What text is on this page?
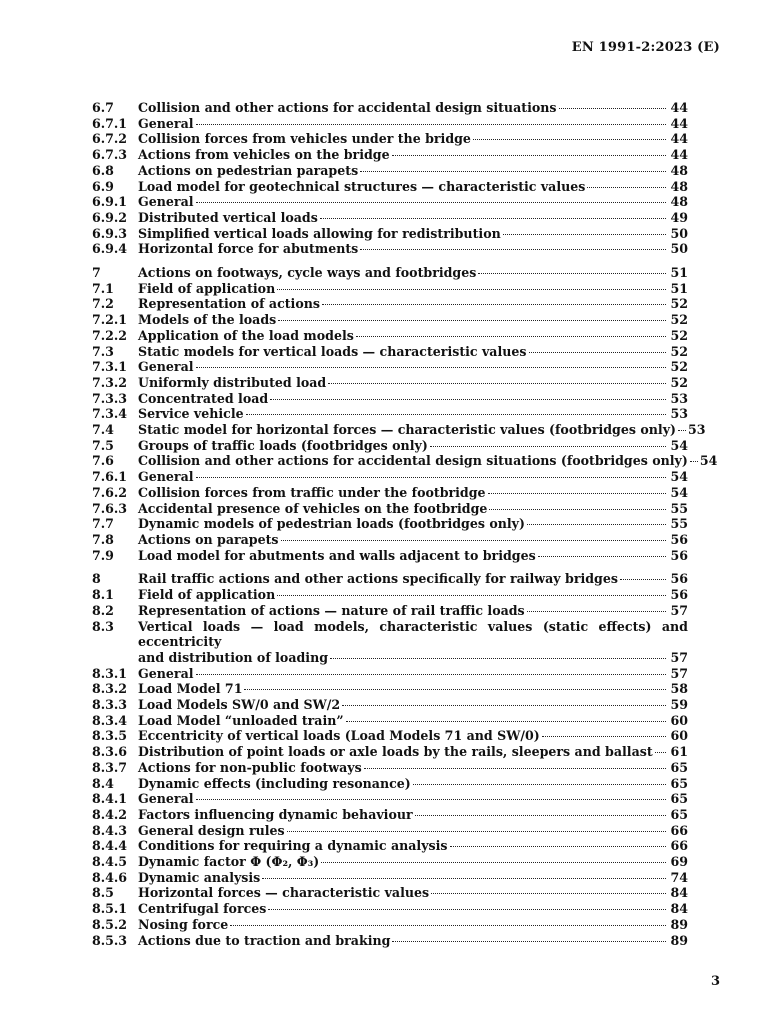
EN 1991-2:2023 (E)
6.7	Collision and other actions for accidental design situations	44
6.7.1 General	44
6.7.2 Collision forces from vehicles under the bridge	44
6.7.3 Actions from vehicles on the bridge	44
6.8	Actions on pedestrian parapets	48
6.9	Load model for geotechnical structures — characteristic values	48
6.9.1 General	48
6.9.2 Distributed vertical loads	49
6.9.3 Simplified vertical loads allowing for redistribution	50
6.9.4 Horizontal force for abutments	50
7	Actions on footways, cycle ways and footbridges	51
7.1	Field of application	51
7.2	Representation of actions	52
7.2.1 Models of the loads	52
7.2.2 Application of the load models	52
7.3	Static models for vertical loads — characteristic values	52
7.3.1 General	52
7.3.2 Uniformly distributed load	52
7.3.3 Concentrated load	53
7.3.4 Service vehicle	53
7.4	Static model for horizontal forces — characteristic values (footbridges only) 53
7.5	Groups of traffic loads (footbridges only)	54
7.6	Collision and other actions for accidental design situations (footbridges only) 54
7.6.1 General	54
7.6.2 Collision forces from traffic under the footbridge	54
7.6.3 Accidental presence of vehicles on the footbridge	55
7.7	Dynamic models of pedestrian loads (footbridges only)	55
7.8	Actions on parapets	56
7.9	Load model for abutments and walls adjacent to bridges	56
8	Rail traffic actions and other actions specifically for railway bridges	56
8.1	Field of application	56
8.2	Representation of actions — nature of rail traffic loads	57
8.3	Vertical loads — load models, characteristic values (static effects) and eccentricity
and distribution of loading	57
8.3.1 General	57
8.3.2 Load Model 71	58
8.3.3 Load Models SW/0 and SW/2	59
8.3.4 Load Model “unloaded train”	60
8.3.5 Eccentricity of vertical loads (Load Models 71 and SW/0)	60
8.3.6 Distribution of point loads or axle loads by the rails, sleepers and ballast 61
8.3.7 Actions for non-public footways	65
8.4	Dynamic effects (including resonance)	65
8.4.1 General	65
8.4.2 Factors influencing dynamic behaviour	65
8.4.3 General design rules	66
8.4.4 Conditions for requiring a dynamic analysis	66
8.4.5 Dynamic factor Φ (Φ₂, Φ₃)	69
8.4.6 Dynamic analysis	74
8.5	Horizontal forces — characteristic values	84
8.5.1 Centrifugal forces	84
8.5.2 Nosing force	89
8.5.3 Actions due to traction and braking	89
3
